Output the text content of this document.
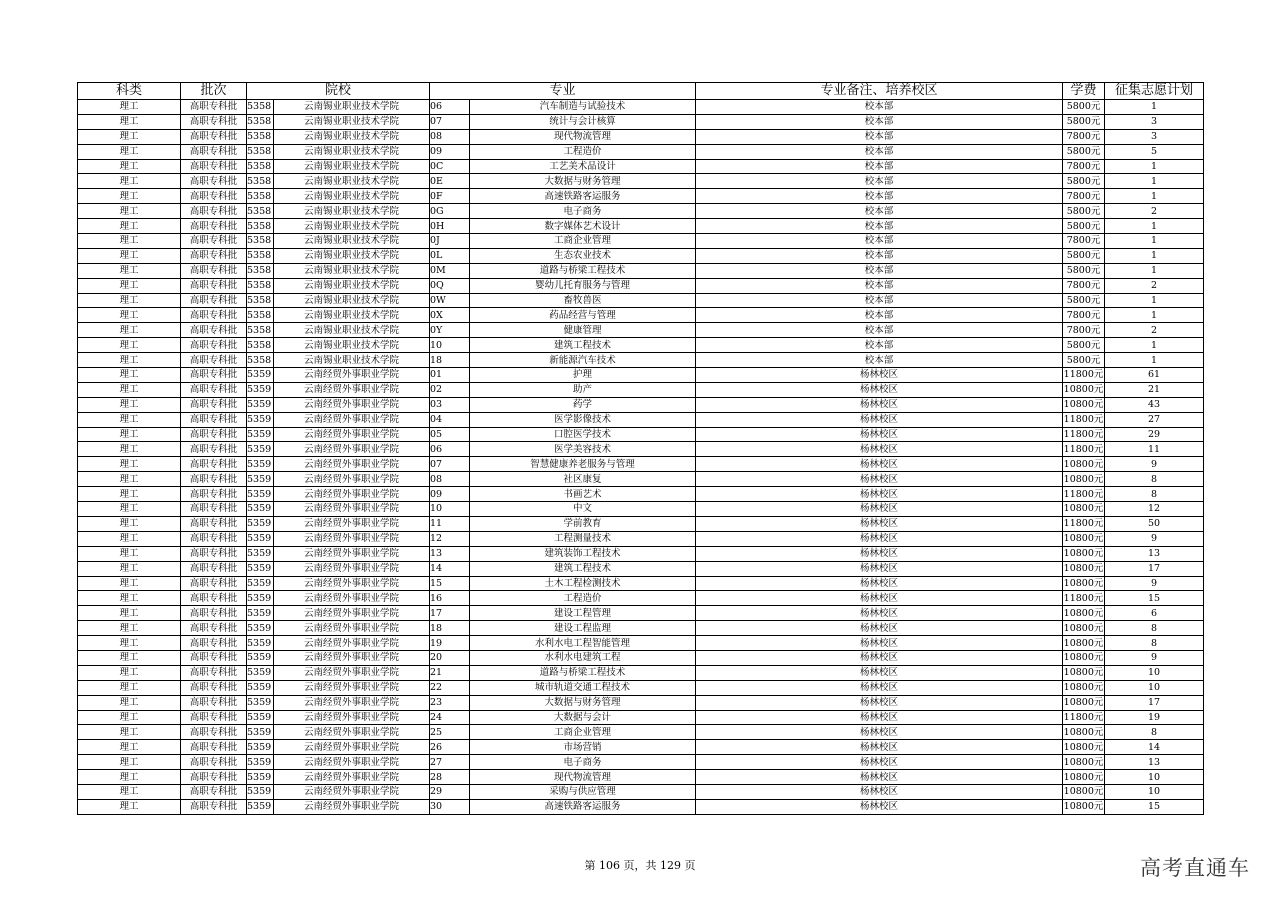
科类	批次	院校		专业		专业备注、培养校区	学费	征集志愿计划
理工	高职专科批	5358	云南锡业职业技术学院	06	汽车制造与试验技术	校本部	5800元	1
理工	高职专科批	5358	云南锡业职业技术学院	07	统计与会计核算	校本部	5800元	3
理工	高职专科批	5358	云南锡业职业技术学院	08	现代物流管理	校本部	7800元	3
理工	高职专科批	5358	云南锡业职业技术学院	09	工程造价	校本部	5800元	5
理工	高职专科批	5358	云南锡业职业技术学院	0C	工艺美术品设计	校本部	7800元	1
理工	高职专科批	5358	云南锡业职业技术学院	0E	大数据与财务管理	校本部	5800元	1
理工	高职专科批	5358	云南锡业职业技术学院	0F	高速铁路客运服务	校本部	7800元	1
理工	高职专科批	5358	云南锡业职业技术学院	0G	电子商务	校本部	5800元	2
理工	高职专科批	5358	云南锡业职业技术学院	0H	数字媒体艺术设计	校本部	5800元	1
理工	高职专科批	5358	云南锡业职业技术学院	0J	工商企业管理	校本部	7800元	1
理工	高职专科批	5358	云南锡业职业技术学院	0L	生态农业技术	校本部	5800元	1
理工	高职专科批	5358	云南锡业职业技术学院	0M	道路与桥梁工程技术	校本部	5800元	1
理工	高职专科批	5358	云南锡业职业技术学院	0Q	婴幼儿托育服务与管理	校本部	7800元	2
理工	高职专科批	5358	云南锡业职业技术学院	0W	畜牧兽医	校本部	5800元	1
理工	高职专科批	5358	云南锡业职业技术学院	0X	药品经营与管理	校本部	7800元	1
理工	高职专科批	5358	云南锡业职业技术学院	0Y	健康管理	校本部	7800元	2
理工	高职专科批	5358	云南锡业职业技术学院	10	建筑工程技术	校本部	5800元	1
理工	高职专科批	5358	云南锡业职业技术学院	18	新能源汽车技术	校本部	5800元	1
理工	高职专科批	5359	云南经贸外事职业学院	01	护理	杨林校区	11800元	61
理工	高职专科批	5359	云南经贸外事职业学院	02	助产	杨林校区	10800元	21
理工	高职专科批	5359	云南经贸外事职业学院	03	药学	杨林校区	10800元	43
理工	高职专科批	5359	云南经贸外事职业学院	04	医学影像技术	杨林校区	11800元	27
理工	高职专科批	5359	云南经贸外事职业学院	05	口腔医学技术	杨林校区	11800元	29
理工	高职专科批	5359	云南经贸外事职业学院	06	医学美容技术	杨林校区	11800元	11
理工	高职专科批	5359	云南经贸外事职业学院	07	智慧健康养老服务与管理	杨林校区	10800元	9
理工	高职专科批	5359	云南经贸外事职业学院	08	社区康复	杨林校区	10800元	8
理工	高职专科批	5359	云南经贸外事职业学院	09	书画艺术	杨林校区	11800元	8
理工	高职专科批	5359	云南经贸外事职业学院	10	中文	杨林校区	10800元	12
理工	高职专科批	5359	云南经贸外事职业学院	11	学前教育	杨林校区	11800元	50
理工	高职专科批	5359	云南经贸外事职业学院	12	工程测量技术	杨林校区	10800元	9
理工	高职专科批	5359	云南经贸外事职业学院	13	建筑装饰工程技术	杨林校区	10800元	13
理工	高职专科批	5359	云南经贸外事职业学院	14	建筑工程技术	杨林校区	10800元	17
理工	高职专科批	5359	云南经贸外事职业学院	15	土木工程检测技术	杨林校区	10800元	9
理工	高职专科批	5359	云南经贸外事职业学院	16	工程造价	杨林校区	11800元	15
理工	高职专科批	5359	云南经贸外事职业学院	17	建设工程管理	杨林校区	10800元	6
理工	高职专科批	5359	云南经贸外事职业学院	18	建设工程监理	杨林校区	10800元	8
理工	高职专科批	5359	云南经贸外事职业学院	19	水利水电工程智能管理	杨林校区	10800元	8
理工	高职专科批	5359	云南经贸外事职业学院	20	水利水电建筑工程	杨林校区	10800元	9
理工	高职专科批	5359	云南经贸外事职业学院	21	道路与桥梁工程技术	杨林校区	10800元	10
理工	高职专科批	5359	云南经贸外事职业学院	22	城市轨道交通工程技术	杨林校区	10800元	10
理工	高职专科批	5359	云南经贸外事职业学院	23	大数据与财务管理	杨林校区	10800元	17
理工	高职专科批	5359	云南经贸外事职业学院	24	大数据与会计	杨林校区	11800元	19
理工	高职专科批	5359	云南经贸外事职业学院	25	工商企业管理	杨林校区	10800元	8
理工	高职专科批	5359	云南经贸外事职业学院	26	市场营销	杨林校区	10800元	14
理工	高职专科批	5359	云南经贸外事职业学院	27	电子商务	杨林校区	10800元	13
理工	高职专科批	5359	云南经贸外事职业学院	28	现代物流管理	杨林校区	10800元	10
理工	高职专科批	5359	云南经贸外事职业学院	29	采购与供应管理	杨林校区	10800元	10
理工	高职专科批	5359	云南经贸外事职业学院	30	高速铁路客运服务	杨林校区	10800元	15
第 106 页，共 129 页	高考直通车
